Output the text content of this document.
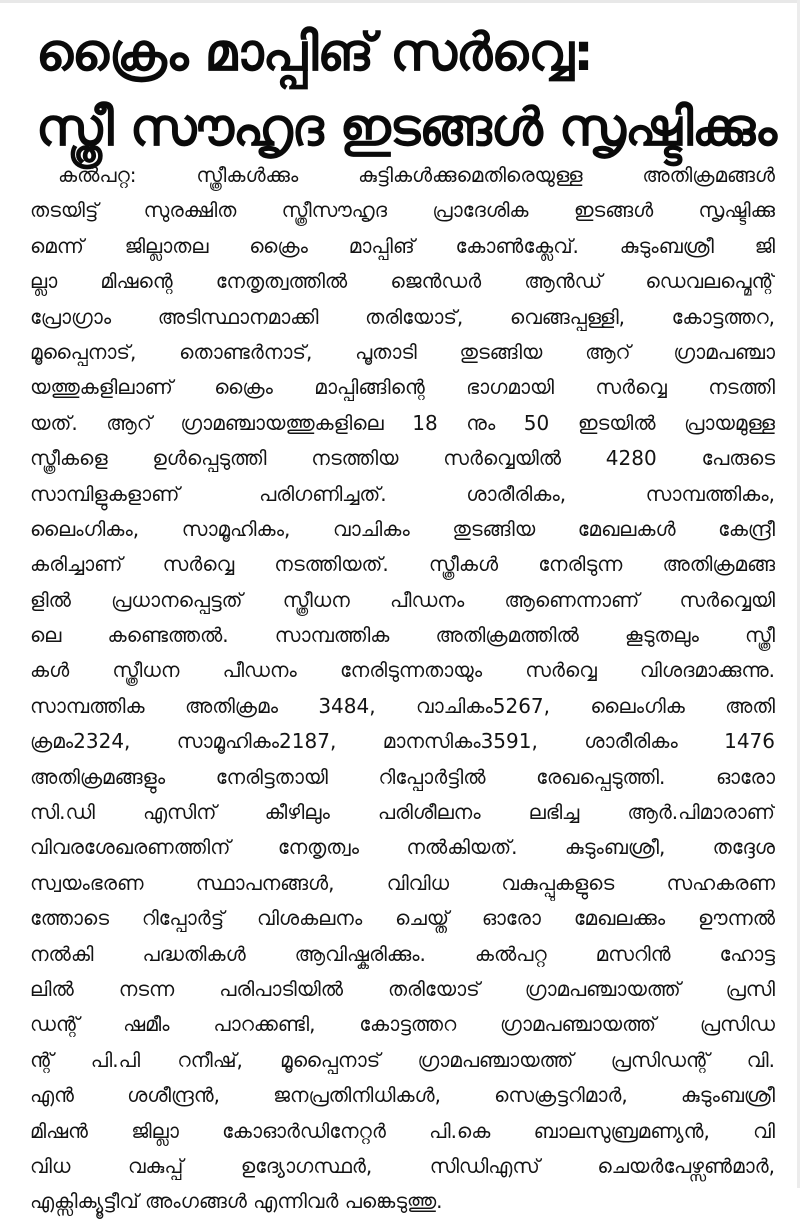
ക്രൈം മാപ്പിങ് സർവ്വെ:
സ്ത്രീ സൗഹൃദ ഇടങ്ങൾ സൃഷ്ടിക്കും
കൽപറ്റ: സ്ത്രീകൾക്കും കുട്ടികൾക്കുമെതിരെയുള്ള അതിക്രമങ്ങൾ
തടയിട്ട് സുരക്ഷിത സ്ത്രീസൗഹൃദ പ്രാദേശിക ഇടങ്ങൾ സൃഷ്ടിക്കു
മെന്ന് ജില്ലാതല ക്രൈം മാപ്പിങ് കോൺക്ലേവ്. കുടുംബശ്രീ ജി
ല്ലാ മിഷന്റെ നേതൃത്വത്തിൽ ജെൻഡർ ആൻഡ് ഡെവലപ്മെന്റ്
പ്രോഗ്രാം അടിസ്ഥാനമാക്കി തരിയോട്, വെങ്ങപ്പള്ളി, കോട്ടത്തറ,
മൂപ്പൈനാട്, തൊണ്ടർനാട്, പൂതാടി തുടങ്ങിയ ആറ് ഗ്രാമപഞ്ചാ
യത്തുകളിലാണ് ക്രൈം മാപ്പിങ്ങിന്റെ ഭാഗമായി സർവ്വെ നടത്തി
യത്. ആറ് ഗ്രാമഞ്ചായത്തുകളിലെ 18 നും 50 ഇടയിൽ പ്രായമുള്ള
സ്ത്രീകളെ ഉൾപ്പെടുത്തി നടത്തിയ സർവ്വെയിൽ 4280 പേരുടെ
സാമ്പിളുകളാണ് പരിഗണിച്ചത്. ശാരീരികം, സാമ്പത്തികം,
ലൈംഗികം, സാമൂഹികം, വാചികം തുടങ്ങിയ മേഖലകൾ കേന്ദ്രീ
കരിച്ചാണ് സർവ്വെ നടത്തിയത്. സ്ത്രീകൾ നേരിടുന്ന അതിക്രമങ്ങ
ളിൽ പ്രധാനപ്പെട്ടത് സ്ത്രീധന പീഡനം ആണെന്നാണ് സർവ്വെയി
ലെ കണ്ടെത്തൽ. സാമ്പത്തിക അതിക്രമത്തിൽ കൂടുതലും സ്ത്രീ
കൾ സ്ത്രീധന പീഡനം നേരിടുന്നതായും സർവ്വെ വിശദമാക്കുന്നു.
സാമ്പത്തിക അതിക്രമം 3484, വാചികം5267, ലൈംഗിക അതി
ക്രമം2324, സാമൂഹികം2187, മാനസികം3591, ശാരീരികം 1476
അതിക്രമങ്ങളും നേരിട്ടതായി റിപ്പോർട്ടിൽ രേഖപ്പെടുത്തി. ഓരോ
സി.ഡി എസിന് കീഴിലും പരിശീലനം ലഭിച്ച ആർ.പിമാരാണ്
വിവരശേഖരണത്തിന് നേതൃത്വം നൽകിയത്. കുടുംബശ്രീ, തദ്ദേശ
സ്വയംഭരണ സ്ഥാപനങ്ങൾ, വിവിധ വകുപ്പുകളുടെ സഹകരണ
ത്തോടെ റിപ്പോർട്ട് വിശകലനം ചെയ്ത് ഓരോ മേഖലക്കും ഊന്നൽ
നൽകി പദ്ധതികൾ ആവിഷ്കരിക്കും. കൽപറ്റ മസറിൻ ഹോട്ട
ലിൽ നടന്ന പരിപാടിയിൽ തരിയോട് ഗ്രാമപഞ്ചായത്ത് പ്രസി
ഡന്റ് ഷമീം പാറക്കണ്ടി, കോട്ടത്തറ ഗ്രാമപഞ്ചായത്ത് പ്രസിഡ
ന്റ് പി.പി റനീഷ്, മൂപ്പൈനാട് ഗ്രാമപഞ്ചായത്ത് പ്രസിഡന്റ് വി.
എൻ ശശീന്ദ്രൻ, ജനപ്രതിനിധികൾ, സെക്രട്ടറിമാർ, കുടുംബശ്രീ
മിഷൻ ജില്ലാ കോഓർഡിനേറ്റർ പി.കെ ബാലസുബ്രമണ്യൻ, വി
വിധ വകുപ്പ് ഉദ്യോഗസ്ഥർ, സിഡിഎസ് ചെയർപേഴ്സൺമാർ,
എക്സിക്യൂട്ടീവ് അംഗങ്ങൾ എന്നിവർ പങ്കെടുത്തു.
